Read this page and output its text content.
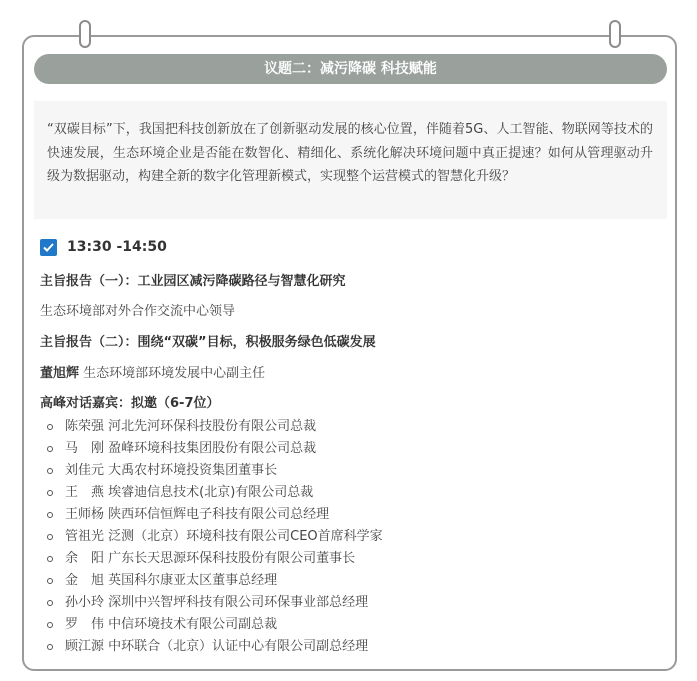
议题二：减污降碳 科技赋能
“双碳目标”下，我国把科技创新放在了创新驱动发展的核心位置，伴随着5G、人工智能、物联网等技术的快速发展，生态环境企业是否能在数智化、精细化、系统化解决环境问题中真正提速？如何从管理驱动升级为数据驱动，构建全新的数字化管理新模式，实现整个运营模式的智慧化升级？
13:30 -14:50
主旨报告（一）：工业园区减污降碳路径与智慧化研究
生态环境部对外合作交流中心领导
主旨报告（二）：围绕“双碳”目标，积极服务绿色低碳发展
董旭辉 生态环境部环境发展中心副主任
高峰对话嘉宾：拟邀（6-7位）
陈荣强 河北先河环保科技股份有限公司总裁
马　刚 盈峰环境科技集团股份有限公司总裁
刘佳元 大禹农村环境投资集团董事长
王　燕 埃睿迪信息技术(北京)有限公司总裁
王师杨 陕西环信恒辉电子科技有限公司总经理
管祖光 泛测（北京）环境科技有限公司CEO首席科学家
余　阳 广东长天思源环保科技股份有限公司董事长
金　旭 英国科尔康亚太区董事总经理
孙小玲 深圳中兴智坪科技有限公司环保事业部总经理
罗　伟 中信环境技术有限公司副总裁
顾江源 中环联合（北京）认证中心有限公司副总经理
